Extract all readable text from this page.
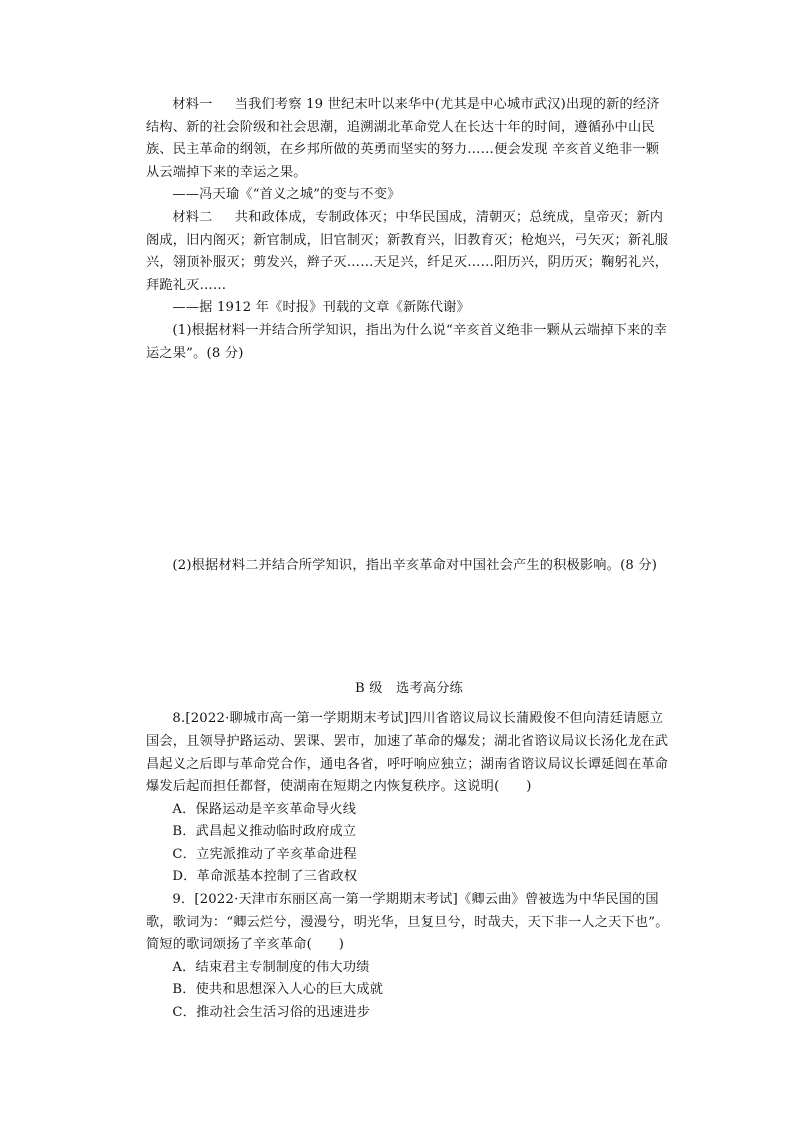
材料一 　 当我们考察 19 世纪末叶以来华中(尤其是中心城市武汉)出现的新的经济结构、新的社会阶级和社会思潮，追溯湖北革命党人在长达十年的时间，遵循孙中山民族、民主革命的纲领，在乡邦所做的英勇而坚实的努力……便会发现 辛亥首义绝非一颗从云端掉下来的幸运之果。

——冯天瑜《“首义之城”的变与不变》

材料二 　 共和政体成，专制政体灭；中华民国成，清朝灭；总统成，皇帝灭；新内阁成，旧内阁灭；新官制成，旧官制灭；新教育兴，旧教育灭；枪炮兴，弓矢灭；新礼服兴，翎顶补服灭；剪发兴，辫子灭……天足兴，纤足灭……阳历兴，阴历灭；鞠躬礼兴，拜跪礼灭……

——据 1912 年《时报》刊载的文章《新陈代谢》

(1)根据材料一并结合所学知识，指出为什么说“辛亥首义绝非一颗从云端掉下来的幸运之果”。(8 分)

(2)根据材料二并结合所学知识，指出辛亥革命对中国社会产生的积极影响。(8 分)

B 级　选考高分练

8.[2022·聊城市高一第一学期期末考试]四川省谘议局议长蒲殿俊不但向清廷请愿立国会，且领导护路运动、罢课、罢市，加速了革命的爆发；湖北省谘议局议长汤化龙在武昌起义之后即与革命党合作，通电各省，呼吁响应独立；湖南省谘议局议长谭延闿在革命爆发后起而担任都督，使湖南在短期之内恢复秩序。这说明(　　)

A．保路运动是辛亥革命导火线

B．武昌起义推动临时政府成立

C．立宪派推动了辛亥革命进程

D．革命派基本控制了三省政权

9．[2022·天津市东丽区高一第一学期期末考试]《卿云曲》曾被选为中华民国的国歌，歌词为：“卿云烂兮，漫漫兮，明光华，旦复旦兮，时哉夫，天下非一人之天下也”。简短的歌词颂扬了辛亥革命(　　)

A．结束君主专制制度的伟大功绩

B．使共和思想深入人心的巨大成就

C．推动社会生活习俗的迅速进步
